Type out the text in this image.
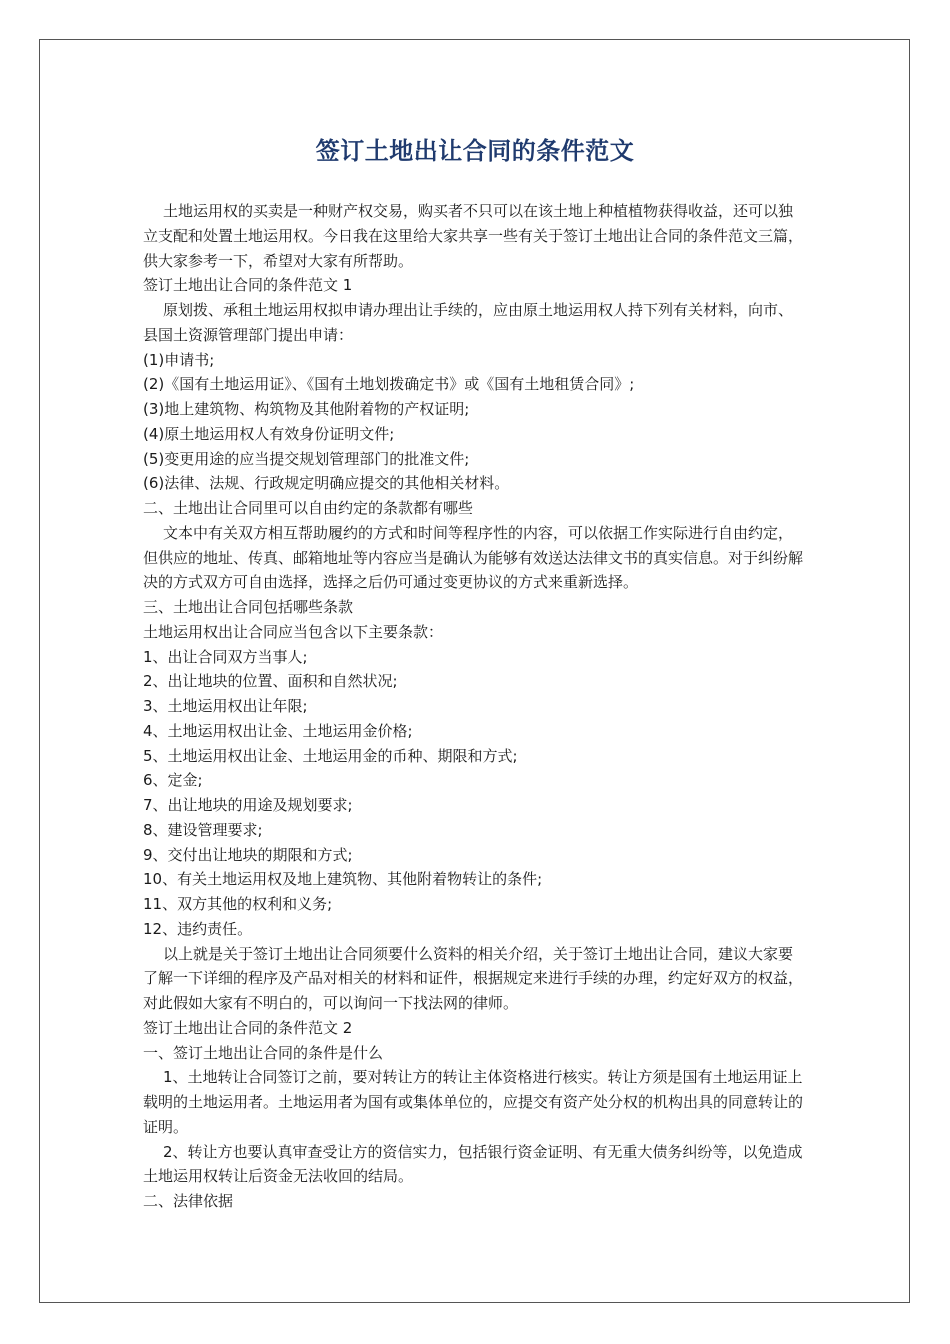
签订土地出让合同的条件范文

土地运用权的买卖是一种财产权交易，购买者不只可以在该土地上种植植物获得收益，还可以独立支配和处置土地运用权。今日我在这里给大家共享一些有关于签订土地出让合同的条件范文三篇，供大家参考一下，希望对大家有所帮助。

签订土地出让合同的条件范文 1

原划拨、承租土地运用权拟申请办理出让手续的，应由原土地运用权人持下列有关材料，向市、县国土资源管理部门提出申请：

(1)申请书;

(2)《国有土地运用证》、《国有土地划拨确定书》或《国有土地租赁合同》;

(3)地上建筑物、构筑物及其他附着物的产权证明;

(4)原土地运用权人有效身份证明文件;

(5)变更用途的应当提交规划管理部门的批准文件;

(6)法律、法规、行政规定明确应提交的其他相关材料。

二、土地出让合同里可以自由约定的条款都有哪些

文本中有关双方相互帮助履约的方式和时间等程序性的内容，可以依据工作实际进行自由约定，但供应的地址、传真、邮箱地址等内容应当是确认为能够有效送达法律文书的真实信息。对于纠纷解决的方式双方可自由选择，选择之后仍可通过变更协议的方式来重新选择。

三、土地出让合同包括哪些条款

土地运用权出让合同应当包含以下主要条款：

1、出让合同双方当事人;

2、出让地块的位置、面积和自然状况;

3、土地运用权出让年限;

4、土地运用权出让金、土地运用金价格;

5、土地运用权出让金、土地运用金的币种、期限和方式;

6、定金;

7、出让地块的用途及规划要求;

8、建设管理要求;

9、交付出让地块的期限和方式;

10、有关土地运用权及地上建筑物、其他附着物转让的条件;

11、双方其他的权利和义务;

12、违约责任。

以上就是关于签订土地出让合同须要什么资料的相关介绍，关于签订土地出让合同，建议大家要了解一下详细的程序及产品对相关的材料和证件，根据规定来进行手续的办理，约定好双方的权益，对此假如大家有不明白的，可以询问一下找法网的律师。

签订土地出让合同的条件范文 2

一、签订土地出让合同的条件是什么

1、土地转让合同签订之前，要对转让方的转让主体资格进行核实。转让方须是国有土地运用证上载明的土地运用者。土地运用者为国有或集体单位的，应提交有资产处分权的机构出具的同意转让的证明。

2、转让方也要认真审查受让方的资信实力，包括银行资金证明、有无重大债务纠纷等，以免造成土地运用权转让后资金无法收回的结局。

二、法律依据
